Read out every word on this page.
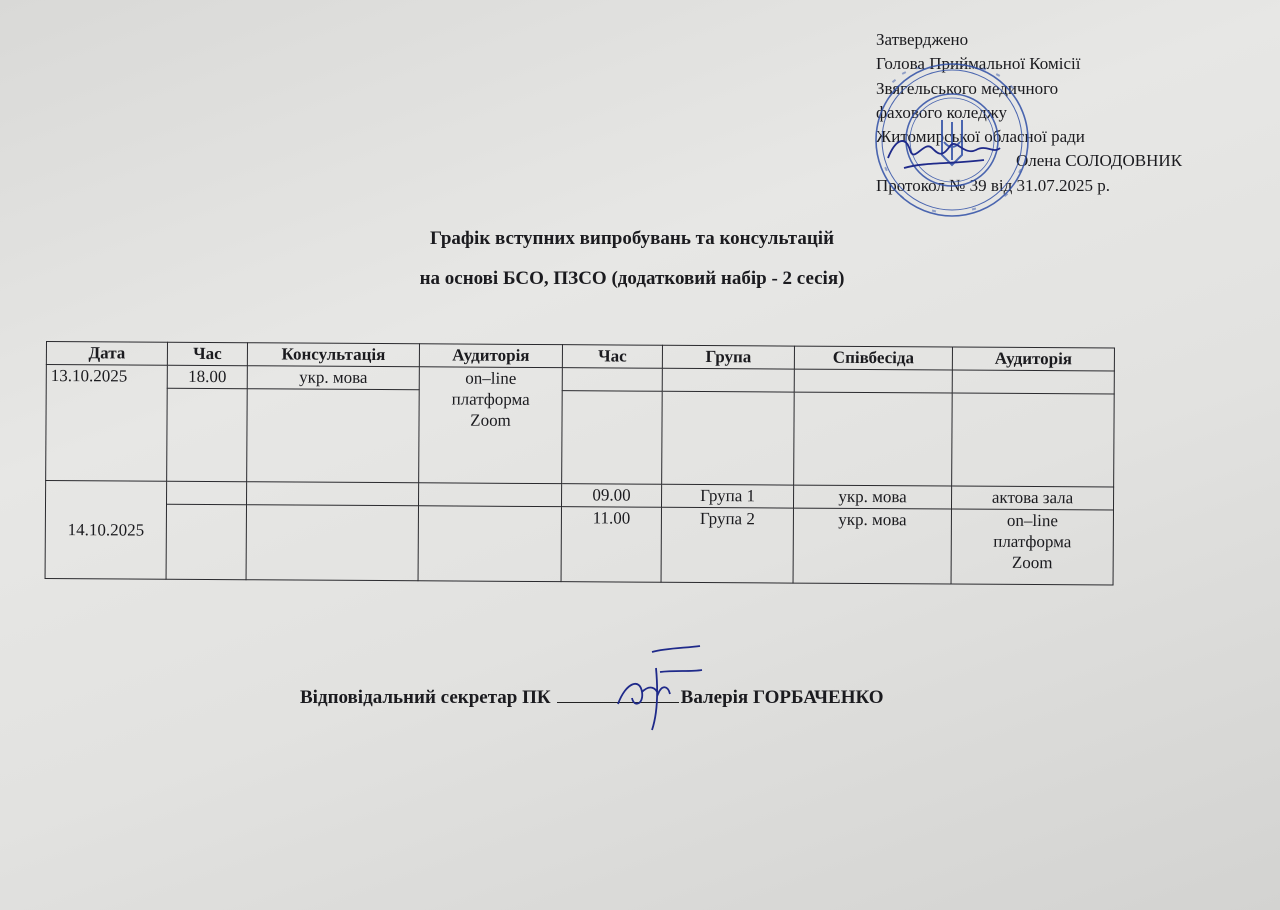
Затверджено
Голова Приймальної Комісії
Звягельського медичного
фахового коледжу
Житомирської обласної ради
Олена СОЛОДОВНИК
Протокол № 39 від 31.07.2025 р.
Графік вступних випробувань та консультацій
на основі БСО, ПЗСО (додатковий набір - 2 сесія)
Дата	Час	Консультація	Аудиторія	Час	Група	Співбесіда	Аудиторія
13.10.2025	18.00	укр. мова	on–line
платформа
Zoom				

14.10.2025				09.00	Група 1	укр. мова	актова зала
				11.00	Група 2	укр. мова	on–line
платформа
Zoom
Відповідальний секретар ПК	Валерія ГОРБАЧЕНКО
